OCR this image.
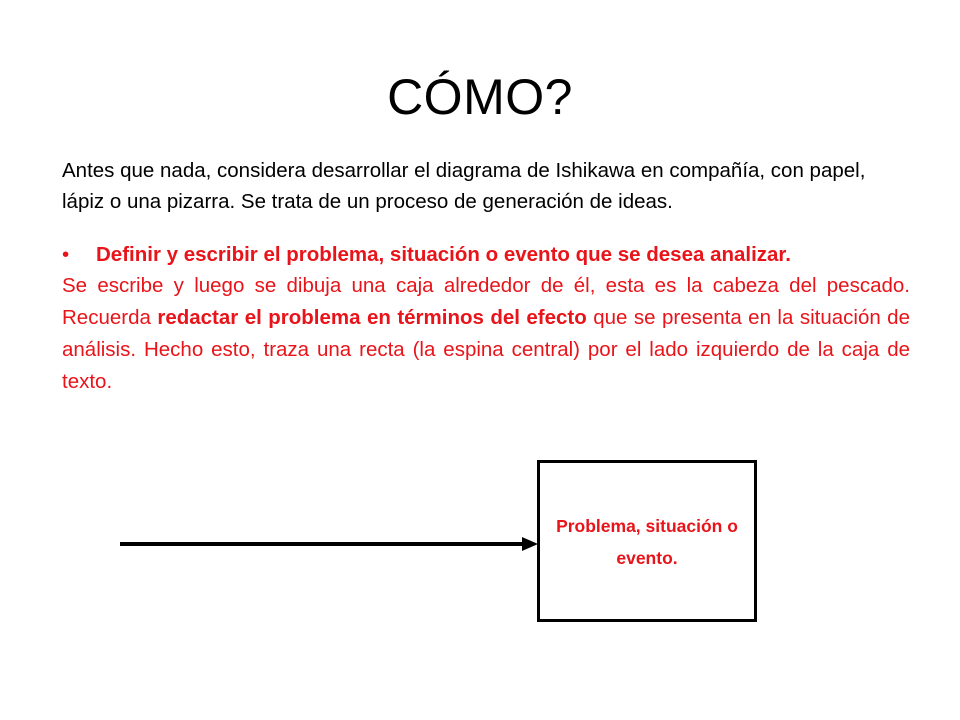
CÓMO?
Antes que nada, considera desarrollar el diagrama de Ishikawa en compañía, con papel, lápiz o una pizarra. Se trata de un proceso de generación de ideas.
• Definir y escribir el problema, situación o evento que se desea analizar.
Se escribe y luego se dibuja una caja alrededor de él, esta es la cabeza del pescado. Recuerda redactar el problema en términos del efecto que se presenta en la situación de análisis. Hecho esto, traza una recta (la espina central) por el lado izquierdo de la caja de texto.
Problema, situación o
evento.
